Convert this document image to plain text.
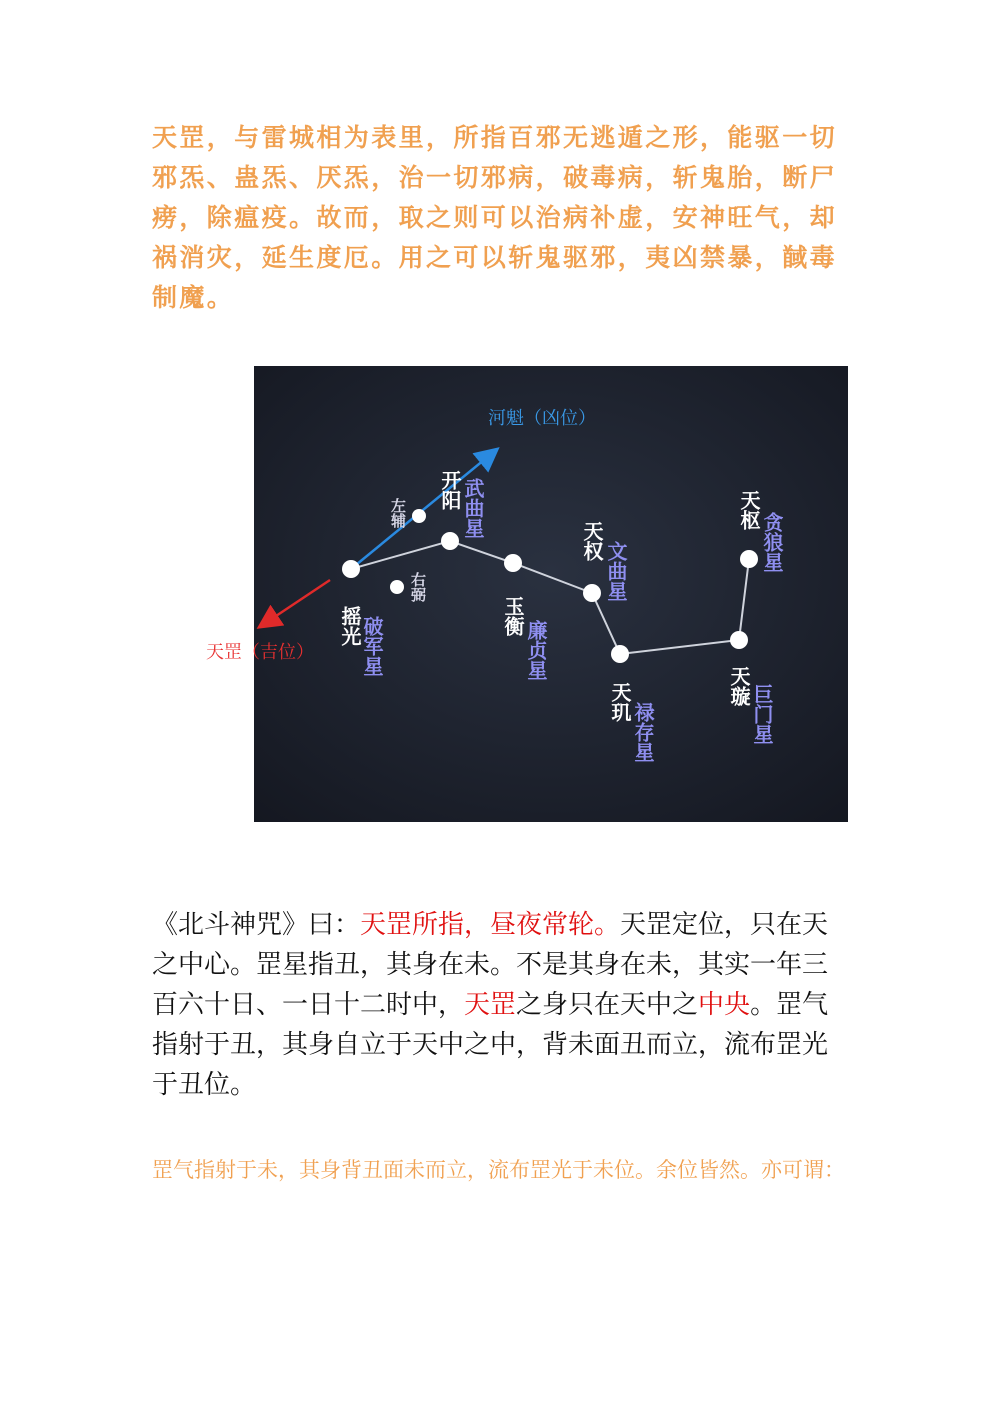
天罡，与雷城相为表里，所指百邪无逃遁之形，能驱一切邪炁、蛊炁、厌炁，治一切邪病，破毒病，斩鬼胎，断尸痨，除瘟疫。故而，取之则可以治病补虚，安神旺气，却祸消灾，延生度厄。用之可以斩鬼驱邪，夷凶禁暴，馘毒制魔。

河魁（凶位）
天罡（吉位）
摇光
破军星
开阳 武曲星
玉衡
廉贞星
天权 文曲星
天玑 禄存星
天璇 巨门星
天枢
贪狼星
左辅
右弼

《北斗神咒》曰：天罡所指，昼夜常轮。天罡定位，只在天之中心。罡星指丑，其身在未。不是其身在未，其实一年三百六十日、一日十二时中，天罡之身只在天中之中央。罡气指射于丑，其身自立于天中之中，背未面丑而立，流布罡光于丑位。

罡气指射于未，其身背丑面未而立，流布罡光于未位。余位皆然。亦可谓：
